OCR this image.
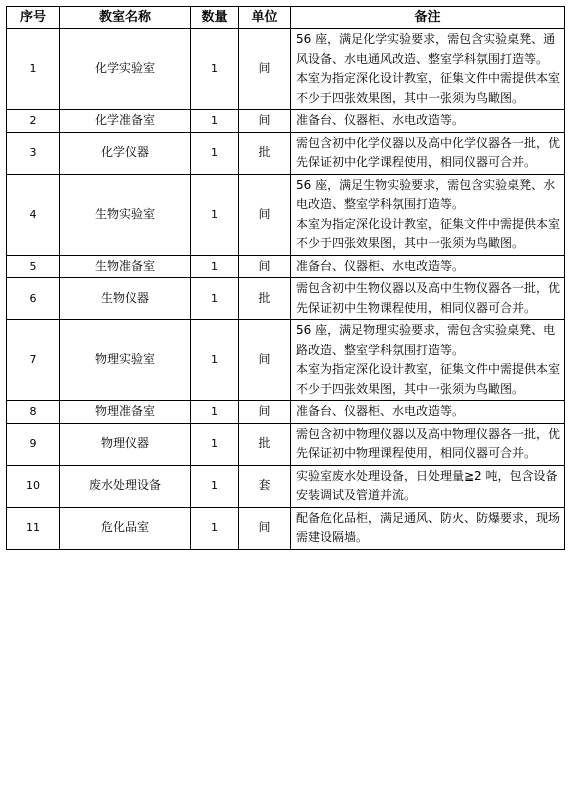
序号	教室名称	数量	单位	备注
1	化学实验室	1	间	56 座，满足化学实验要求，需包含实验桌凳、通风设备、水电通风改造、整室学科氛围打造等。

本室为指定深化设计教室，征集文件中需提供本室不少于四张效果图，其中一张须为鸟瞰图。

2	化学准备室	1	间	准备台、仪器柜、水电改造等。

3	化学仪器	1	批	需包含初中化学仪器以及高中化学仪器各一批，优先保证初中化学课程使用，相同仪器可合并。

4	生物实验室	1	间	56 座，满足生物实验要求，需包含实验桌凳、水电改造、整室学科氛围打造等。

本室为指定深化设计教室，征集文件中需提供本室不少于四张效果图，其中一张须为鸟瞰图。

5	生物准备室	1	间	准备台、仪器柜、水电改造等。

6	生物仪器	1	批	需包含初中生物仪器以及高中生物仪器各一批，优先保证初中生物课程使用，相同仪器可合并。

7	物理实验室	1	间	56 座，满足物理实验要求，需包含实验桌凳、电路改造、整室学科氛围打造等。

本室为指定深化设计教室，征集文件中需提供本室不少于四张效果图，其中一张须为鸟瞰图。

8	物理准备室	1	间	准备台、仪器柜、水电改造等。

9	物理仪器	1	批	需包含初中物理仪器以及高中物理仪器各一批，优先保证初中物理课程使用，相同仪器可合并。

10	废水处理设备	1	套	实验室废水处理设备，日处理量≧2 吨，包含设备安装调试及管道并流。

11	危化品室	1	间	配备危化品柜，满足通风、防火、防爆要求，现场需建设隔墙。
